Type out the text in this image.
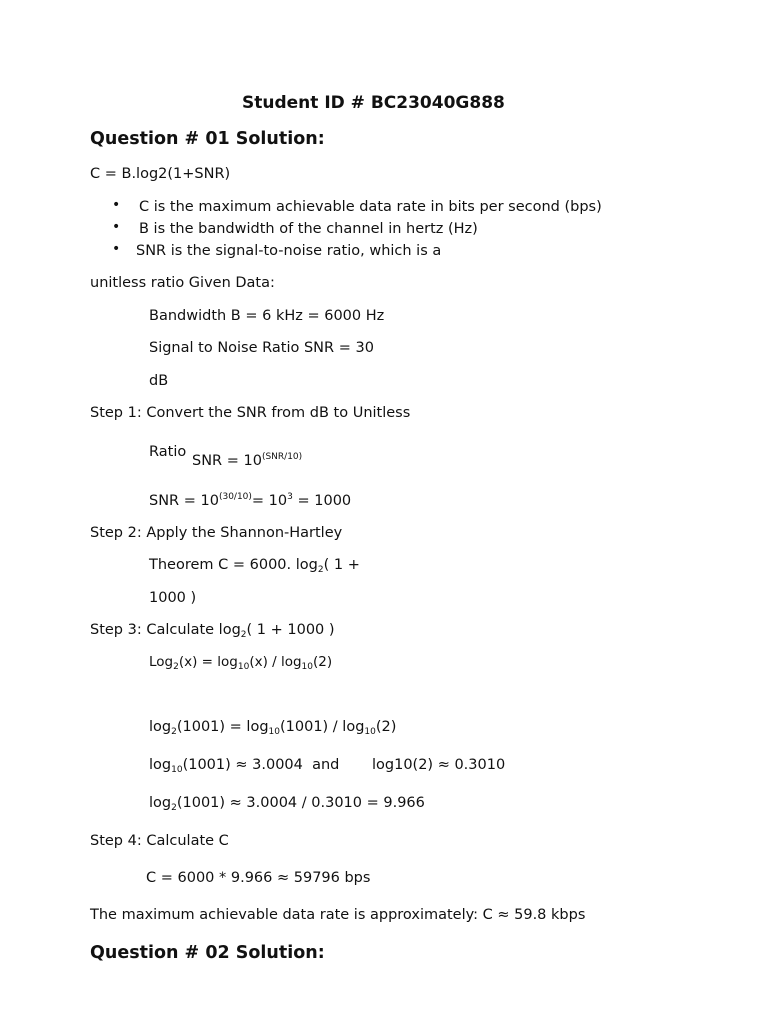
Student ID # BC23040G888
Question # 01 Solution:
C = B.log2(1+SNR)
• C is the maximum achievable data rate in bits per second (bps)
• B is the bandwidth of the channel in hertz (Hz)
• SNR is the signal-to-noise ratio, which is a
unitless ratio Given Data:
Bandwidth B = 6 kHz = 6000 Hz
Signal to Noise Ratio SNR = 30
dB
Step 1: Convert the SNR from dB to Unitless
Ratio
SNR = $10^{(SNR/10)}$
SNR = $10^{(30/10)}= 10^3 = 1000$
Step 2: Apply the Shannon-Hartley
Theorem C = 6000. $\log_2$( 1 +
1000 )
Step 3: Calculate $\log_2$( 1 + 1000 )
$Log_2(x) = \log_{10}(x) / \log_{10}(2)$
$\log_2(1001) = \log_{10}(1001) / \log_{10}(2)$
$\log_{10}(1001) \approx 3.0004$  and log10(2) ≈ 0.3010
$\log_2(1001) \approx 3.0004 / 0.3010 = 9.966$
Step 4: Calculate C
C = 6000 * 9.966 ≈ 59796 bps
The maximum achievable data rate is approximately: C ≈ 59.8 kbps
Question # 02 Solution:
